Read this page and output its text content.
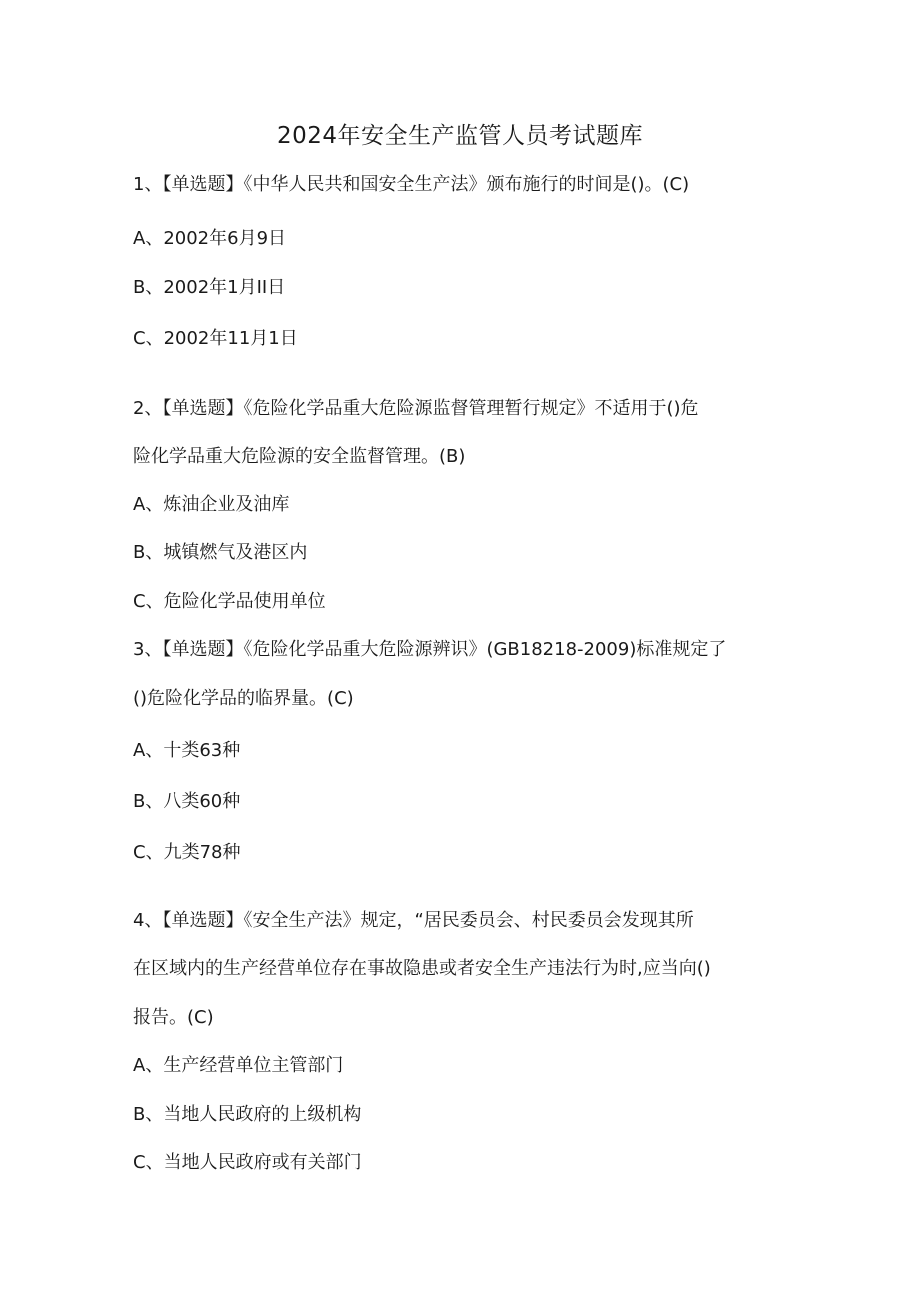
2024年安全生产监管人员考试题库
1、【单选题】《中华人民共和国安全生产法》颁布施行的时间是()。(C)
A、2002年6月9日
B、2002年1月II日
C、2002年11月1日
2、【单选题】《危险化学品重大危险源监督管理暂行规定》不适用于()危
险化学品重大危险源的安全监督管理。(B)
A、炼油企业及油库
B、城镇燃气及港区内
C、危险化学品使用单位
3、【单选题】《危险化学品重大危险源辨识》(GB18218-2009)标准规定了
()危险化学品的临界量。(C)
A、十类63种
B、八类60种
C、九类78种
4、【单选题】《安全生产法》规定，“居民委员会、村民委员会发现其所
在区域内的生产经营单位存在事故隐患或者安全生产违法行为时,应当向()
报告。(C)
A、生产经营单位主管部门
B、当地人民政府的上级机构
C、当地人民政府或有关部门
